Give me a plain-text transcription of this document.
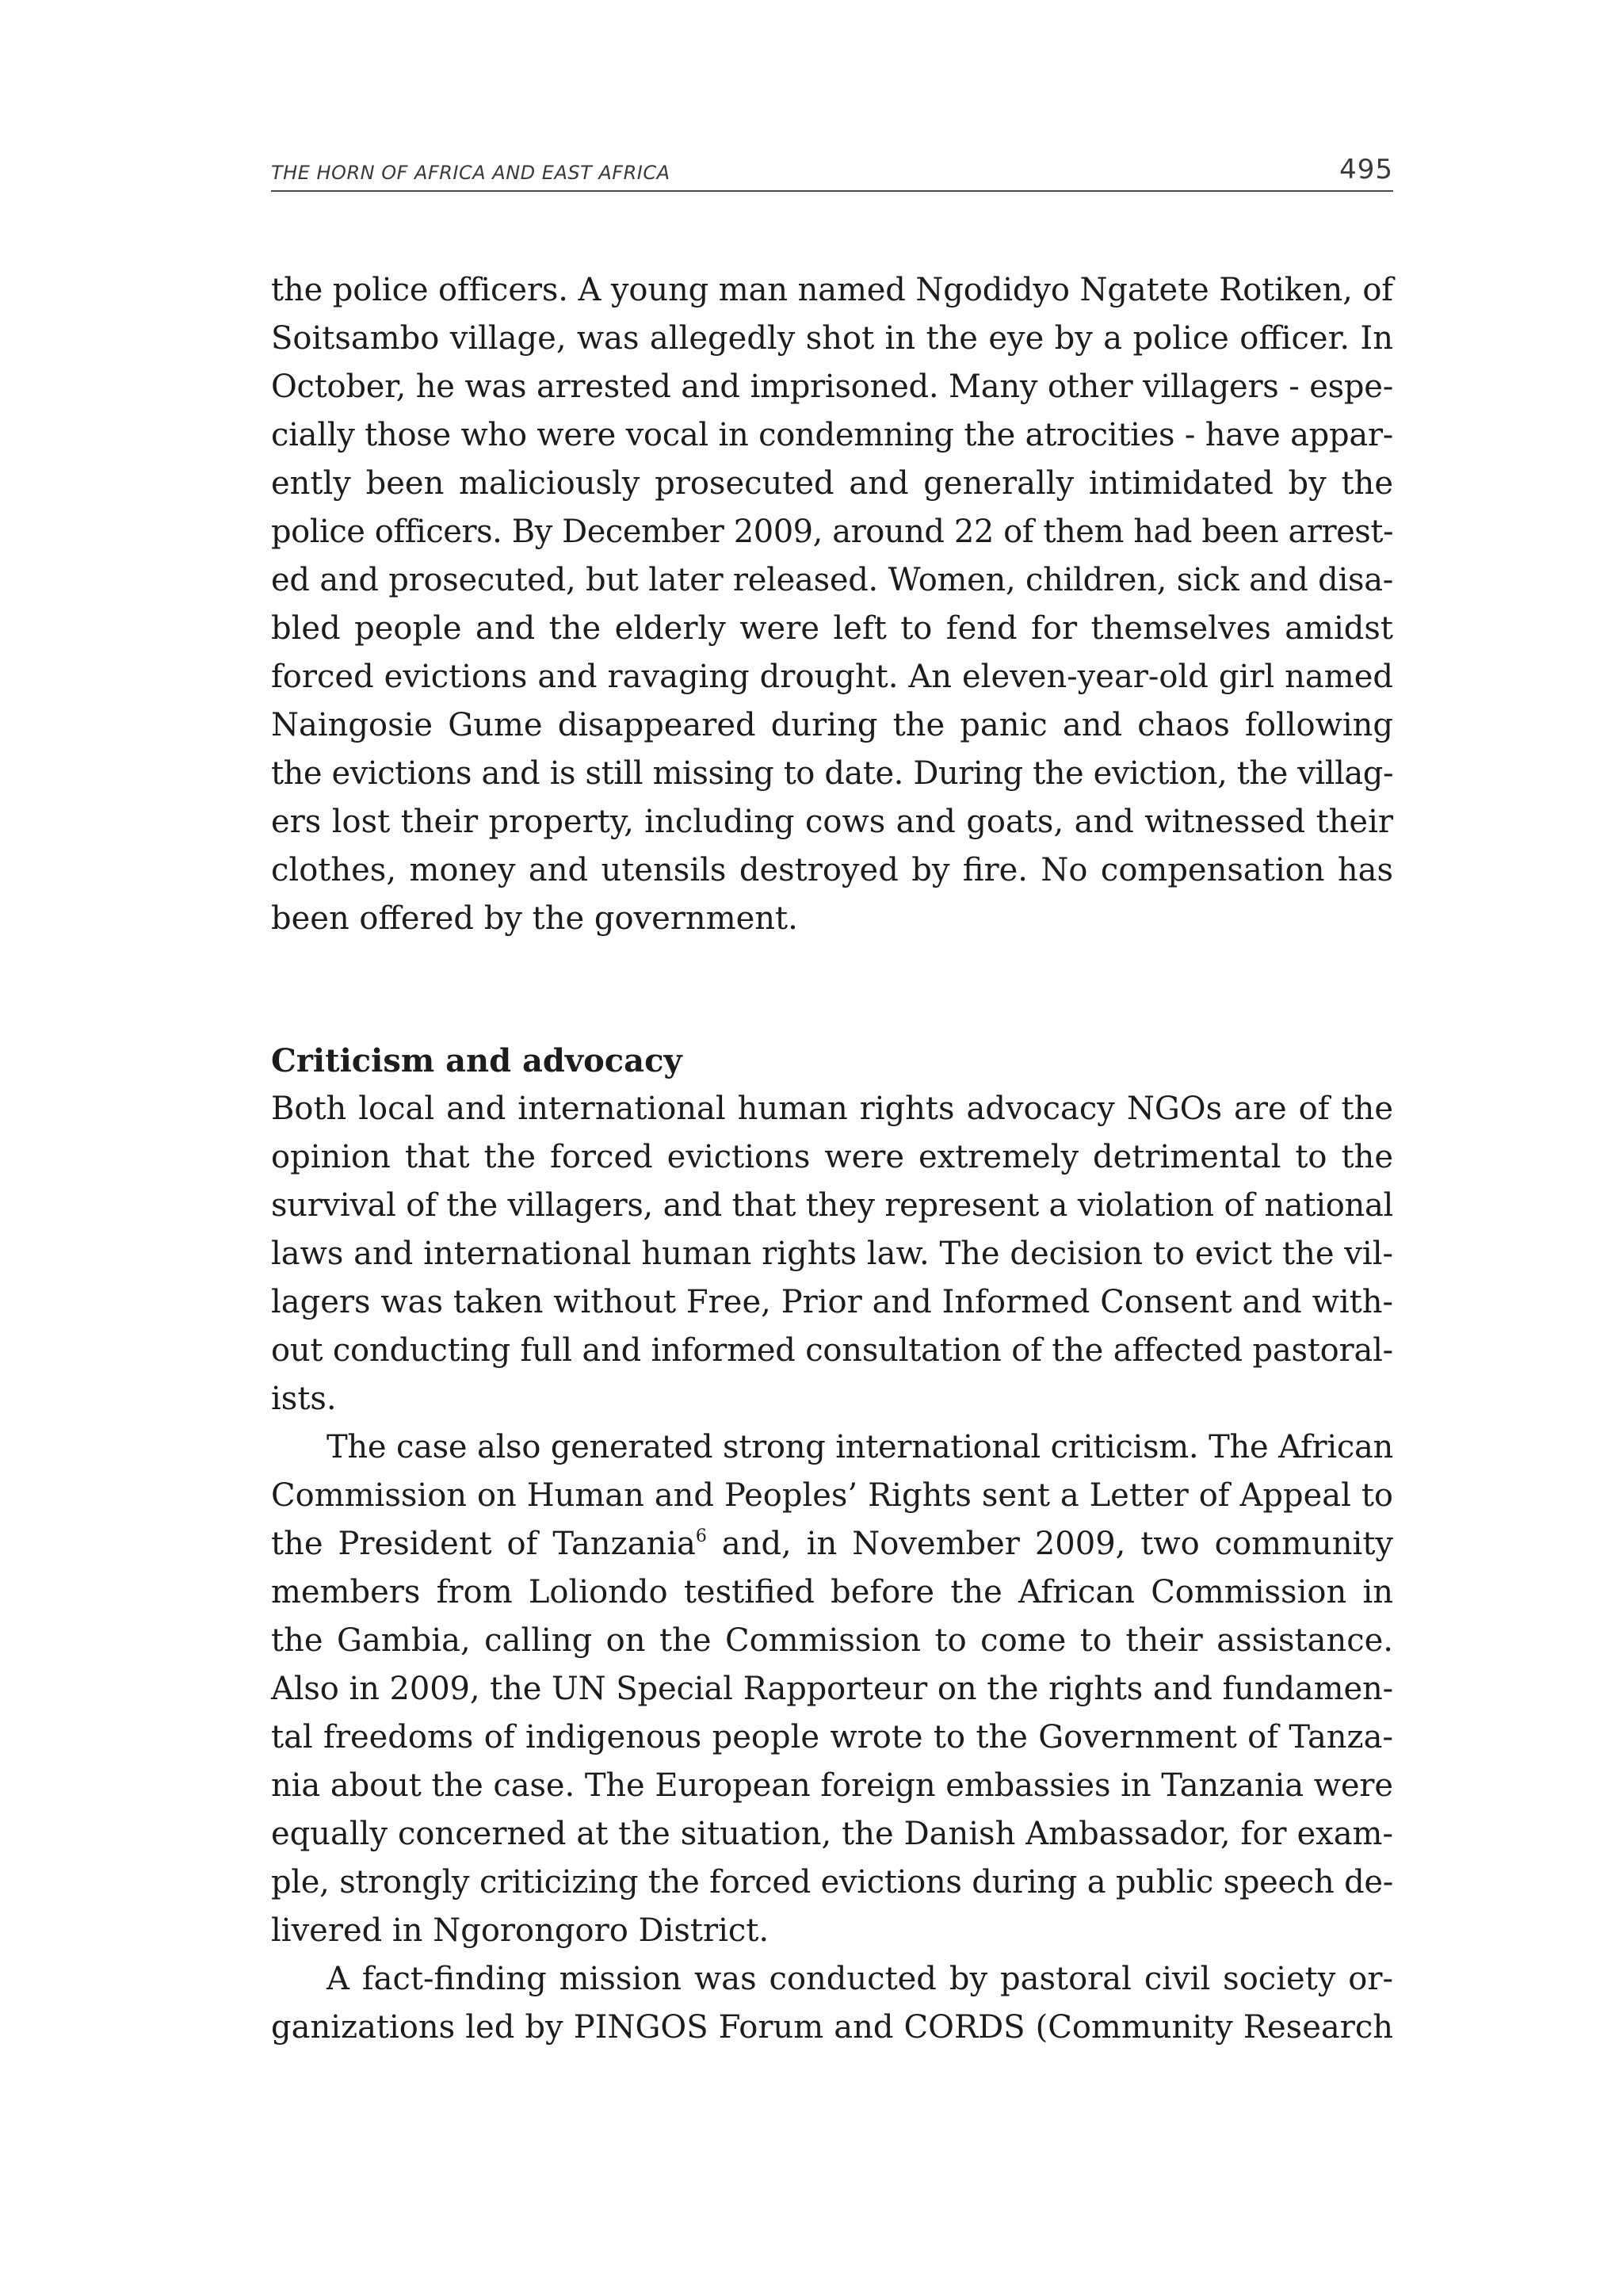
THE HORN OF AFRICA AND EAST AFRICA	495
the police officers. A young man named Ngodidyo Ngatete Rotiken, of
Soitsambo village, was allegedly shot in the eye by a police officer. In
October, he was arrested and imprisoned. Many other villagers - espe-
cially those who were vocal in condemning the atrocities - have appar-
ently been maliciously prosecuted and generally intimidated by the
police officers. By December 2009, around 22 of them had been arrest-
ed and prosecuted, but later released. Women, children, sick and disa-
bled people and the elderly were left to fend for themselves amidst
forced evictions and ravaging drought. An eleven-year-old girl named
Naingosie Gume disappeared during the panic and chaos following
the evictions and is still missing to date. During the eviction, the villag-
ers lost their property, including cows and goats, and witnessed their
clothes, money and utensils destroyed by fire. No compensation has
been offered by the government.
Criticism and advocacy
Both local and international human rights advocacy NGOs are of the
opinion that the forced evictions were extremely detrimental to the
survival of the villagers, and that they represent a violation of national
laws and international human rights law. The decision to evict the vil-
lagers was taken without Free, Prior and Informed Consent and with-
out conducting full and informed consultation of the affected pastoral-
ists.
The case also generated strong international criticism. The African
Commission on Human and Peoples’ Rights sent a Letter of Appeal to
the President of Tanzania$^6$ and, in November 2009, two community
members from Loliondo testified before the African Commission in
the Gambia, calling on the Commission to come to their assistance.
Also in 2009, the UN Special Rapporteur on the rights and fundamen-
tal freedoms of indigenous people wrote to the Government of Tanza-
nia about the case. The European foreign embassies in Tanzania were
equally concerned at the situation, the Danish Ambassador, for exam-
ple, strongly criticizing the forced evictions during a public speech de-
livered in Ngorongoro District.
A fact-finding mission was conducted by pastoral civil society or-
ganizations led by PINGOS Forum and CORDS (Community Research
